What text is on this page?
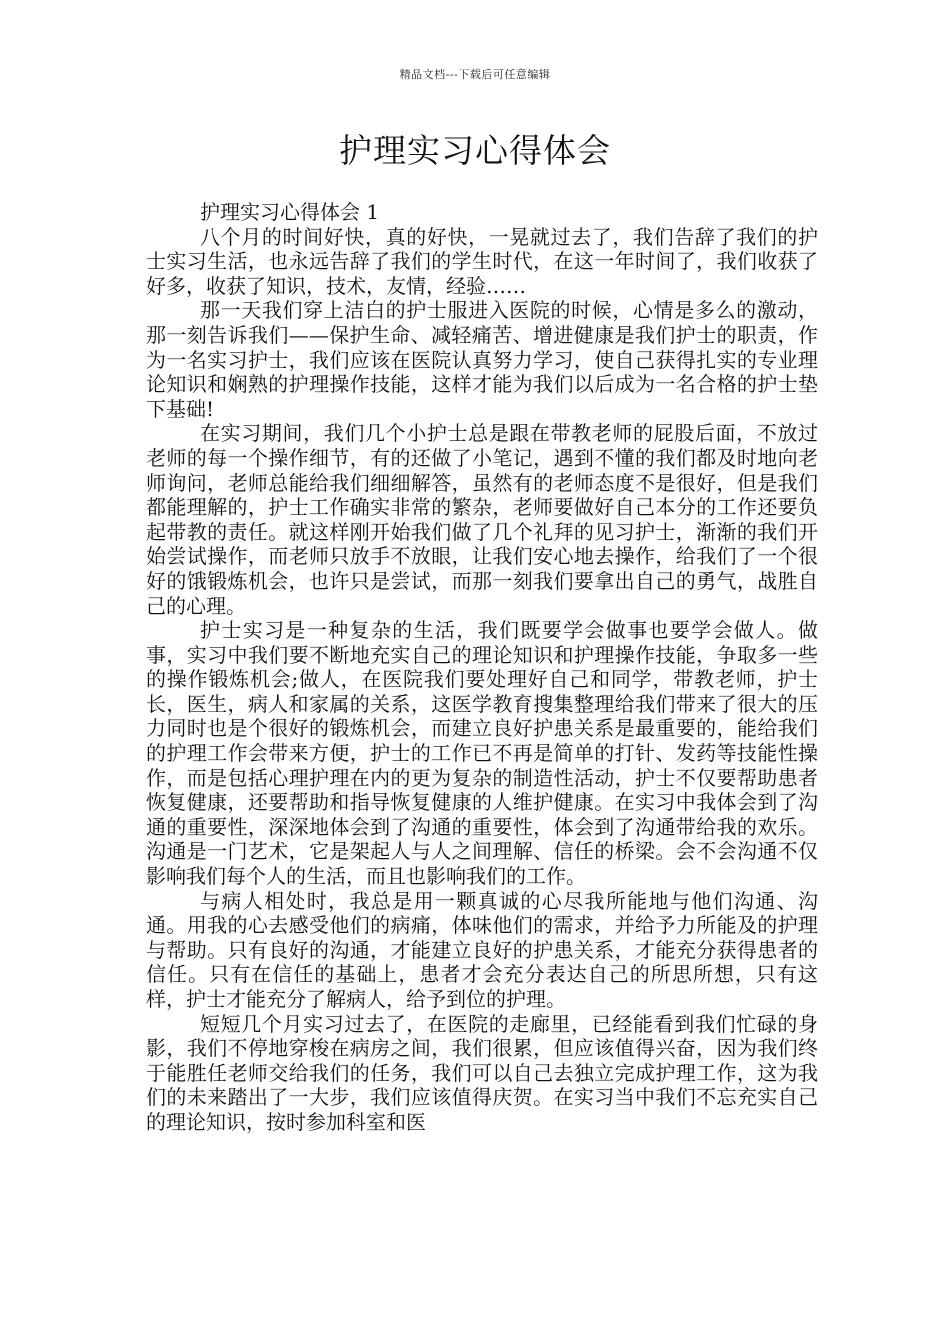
精品文档---下载后可任意编辑
护理实习心得体会

护理实习心得体会 1

八个月的时间好快，真的好快，一晃就过去了，我们告辞了我们的护士实习生活，也永远告辞了我们的学生时代，在这一年时间了，我们收获了好多，收获了知识，技术，友情，经验……

那一天我们穿上洁白的护士服进入医院的时候，心情是多么的激动，那一刻告诉我们——保护生命、减轻痛苦、增进健康是我们护士的职责，作为一名实习护士，我们应该在医院认真努力学习，使自己获得扎实的专业理论知识和娴熟的护理操作技能，这样才能为我们以后成为一名合格的护士垫下基础!

在实习期间，我们几个小护士总是跟在带教老师的屁股后面，不放过老师的每一个操作细节，有的还做了小笔记，遇到不懂的我们都及时地向老师询问，老师总能给我们细细解答，虽然有的老师态度不是很好，但是我们都能理解的，护士工作确实非常的繁杂，老师要做好自己本分的工作还要负起带教的责任。就这样刚开始我们做了几个礼拜的见习护士，渐渐的我们开始尝试操作，而老师只放手不放眼，让我们安心地去操作，给我们了一个很好的饿锻炼机会，也许只是尝试，而那一刻我们要拿出自己的勇气，战胜自己的心理。

护士实习是一种复杂的生活，我们既要学会做事也要学会做人。做事，实习中我们要不断地充实自己的理论知识和护理操作技能，争取多一些的操作锻炼机会;做人，在医院我们要处理好自己和同学，带教老师，护士长，医生，病人和家属的关系，这医学教育搜集整理给我们带来了很大的压力同时也是个很好的锻炼机会，而建立良好护患关系是最重要的，能给我们的护理工作会带来方便，护士的工作已不再是简单的打针、发药等技能性操作，而是包括心理护理在内的更为复杂的制造性活动，护士不仅要帮助患者恢复健康，还要帮助和指导恢复健康的人维护健康。在实习中我体会到了沟通的重要性，深深地体会到了沟通的重要性，体会到了沟通带给我的欢乐。沟通是一门艺术，它是架起人与人之间理解、信任的桥梁。会不会沟通不仅影响我们每个人的生活，而且也影响我们的工作。

与病人相处时，我总是用一颗真诚的心尽我所能地与他们沟通、沟通。用我的心去感受他们的病痛，体味他们的需求，并给予力所能及的护理与帮助。只有良好的沟通，才能建立良好的护患关系，才能充分获得患者的信任。只有在信任的基础上，患者才会充分表达自己的所思所想，只有这样，护士才能充分了解病人，给予到位的护理。

短短几个月实习过去了，在医院的走廊里，已经能看到我们忙碌的身影，我们不停地穿梭在病房之间，我们很累，但应该值得兴奋，因为我们终于能胜任老师交给我们的任务，我们可以自己去独立完成护理工作，这为我们的未来踏出了一大步，我们应该值得庆贺。在实习当中我们不忘充实自己的理论知识，按时参加科室和医
